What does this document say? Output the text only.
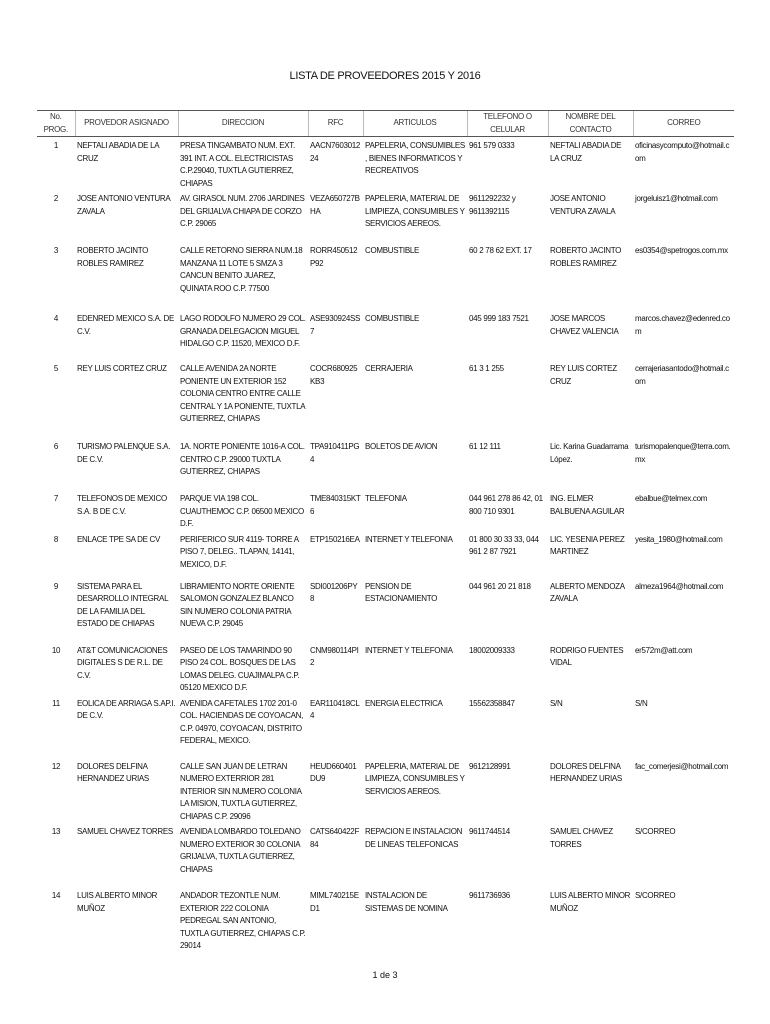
LISTA DE PROVEEDORES 2015 Y 2016
No. PROG.	PROVEDOR ASIGNADO	DIRECCION	RFC	ARTICULOS	TELEFONO O CELULAR	NOMBRE DEL CONTACTO	CORREO
1	NEFTALI ABADIA DE LA CRUZ	PRESA TINGAMBATO NUM. EXT. 391 INT. A COL. ELECTRICISTAS C.P.29040, TUXTLA GUTIERREZ, CHIAPAS	AACN760301224	PAPELERIA, CONSUMIBLES , BIENES INFORMATICOS Y RECREATIVOS	961 579 0333	NEFTALI ABADIA DE LA CRUZ	oficinasycomputo@hotmail.com
2	JOSE ANTONIO VENTURA ZAVALA	AV. GIRASOL NUM. 2706 JARDINES DEL GRIJALVA CHIAPA DE CORZO C.P. 29065	VEZA650727BHA	PAPELERIA, MATERIAL DE LIMPIEZA, CONSUMIBLES Y SERVICIOS AEREOS.	9611292232 y 9611392115	JOSE ANTONIO VENTURA ZAVALA	jorgeluisz1@hotmail.com
3	ROBERTO JACINTO ROBLES RAMIREZ	CALLE RETORNO SIERRA NUM.18 MANZANA 11 LOTE 5 SMZA 3 CANCUN BENITO JUAREZ, QUINATA ROO C.P. 77500	RORR450512P92	COMBUSTIBLE	60 2 78 62 EXT. 17	ROBERTO JACINTO ROBLES RAMIREZ	es0354@spetrogos.com.mx
4	EDENRED MEXICO S.A. DE C.V.	LAGO RODOLFO NUMERO 29 COL. GRANADA DELEGACION MIGUEL HIDALGO C.P. 11520, MEXICO D.F.	ASE930924SS7	COMBUSTIBLE	045 999 183 7521	JOSE MARCOS CHAVEZ VALENCIA	marcos.chavez@edenred.com
5	REY LUIS CORTEZ CRUZ	CALLE AVENIDA 2A NORTE PONIENTE UN EXTERIOR 152 COLONIA CENTRO ENTRE CALLE CENTRAL Y 1A PONIENTE, TUXTLA GUTIERREZ, CHIAPAS	COCR680925KB3	CERRAJERIA	61 3 1 255	REY LUIS CORTEZ CRUZ	cerrajeriasantodo@hotmail.com
6	TURISMO PALENQUE S.A. DE C.V.	1A. NORTE PONIENTE 1016-A COL. CENTRO C.P. 29000 TUXTLA GUTIERREZ, CHIAPAS	TPA910411PG4	BOLETOS DE AVION	61 12 111	Lic. Karina Guadarrama López.	turismopalenque@terra.com.mx
7	TELEFONOS DE MEXICO S.A. B DE C.V.	PARQUE VIA 198 COL. CUAUTHEMOC C.P. 06500 MEXICO D.F.	TME840315KT6	TELEFONIA	044 961 278 86 42, 01 800 710 9301	ING. ELMER BALBUENA AGUILAR	ebalbue@telmex.com
8	ENLACE TPE SA DE CV	PERIFERICO SUR 4119- TORRE A PISO 7, DELEG.. TLAPAN, 14141, MEXICO, D.F.	ETP150216EA	INTERNET Y TELEFONIA	01 800 30 33 33, 044 961 2 87 7921	LIC. YESENIA PEREZ MARTINEZ	yesita_1980@hotmail.com
9	SISTEMA PARA EL DESARROLLO INTEGRAL DE LA FAMILIA DEL ESTADO DE CHIAPAS	LIBRAMIENTO NORTE ORIENTE SALOMON GONZALEZ BLANCO SIN NUMERO COLONIA PATRIA NUEVA C.P. 29045	SDI001206PY8	PENSION DE ESTACIONAMIENTO	044 961 20 21 818	ALBERTO MENDOZA ZAVALA	almeza1964@hotmail.com
10	AT&T COMUNICACIONES DIGITALES S DE R.L. DE C.V.	PASEO DE LOS TAMARINDO 90 PISO 24 COL. BOSQUES DE LAS LOMAS DELEG. CUAJIMALPA C.P. 05120 MEXICO D.F.	CNM980114PI2	INTERNET Y TELEFONIA	18002009333	RODRIGO FUENTES VIDAL	er572m@att.com
11	EOLICA DE ARRIAGA S.AP.I. DE C.V.	AVENIDA CAFETALES 1702 201-0 COL. HACIENDAS DE COYOACAN, C.P. 04970, COYOACAN, DISTRITO FEDERAL, MEXICO.	EAR110418CL4	ENERGIA ELECTRICA	15562358847	S/N	S/N
12	DOLORES DELFINA HERNANDEZ URIAS	CALLE SAN JUAN DE LETRAN NUMERO EXTERRIOR 281 INTERIOR SIN NUMERO COLONIA LA MISION, TUXTLA GUTIERREZ, CHIAPAS C.P. 29096	HEUD660401DU9	PAPELERIA, MATERIAL DE LIMPIEZA, CONSUMIBLES Y SERVICIOS AEREOS.	9612128991	DOLORES DELFINA HERNANDEZ URIAS	fac_comerjesi@hotmail.com
13	SAMUEL CHAVEZ TORRES	AVENIDA LOMBARDO TOLEDANO NUMERO EXTERIOR 30 COLONIA GRIJALVA, TUXTLA GUTIERREZ, CHIAPAS	CATS640422F84	REPACION E INSTALACION DE LINEAS TELEFONICAS	9611744514	SAMUEL CHAVEZ TORRES	S/CORREO
14	LUIS ALBERTO MINOR MUÑOZ	ANDADOR TEZONTLE NUM. EXTERIOR 222 COLONIA PEDREGAL SAN ANTONIO, TUXTLA GUTIERREZ, CHIAPAS C.P. 29014	MIML740215ED1	INSTALACION DE SISTEMAS DE NOMINA	9611736936	LUIS ALBERTO MINOR MUÑOZ	S/CORREO
1 de 3
